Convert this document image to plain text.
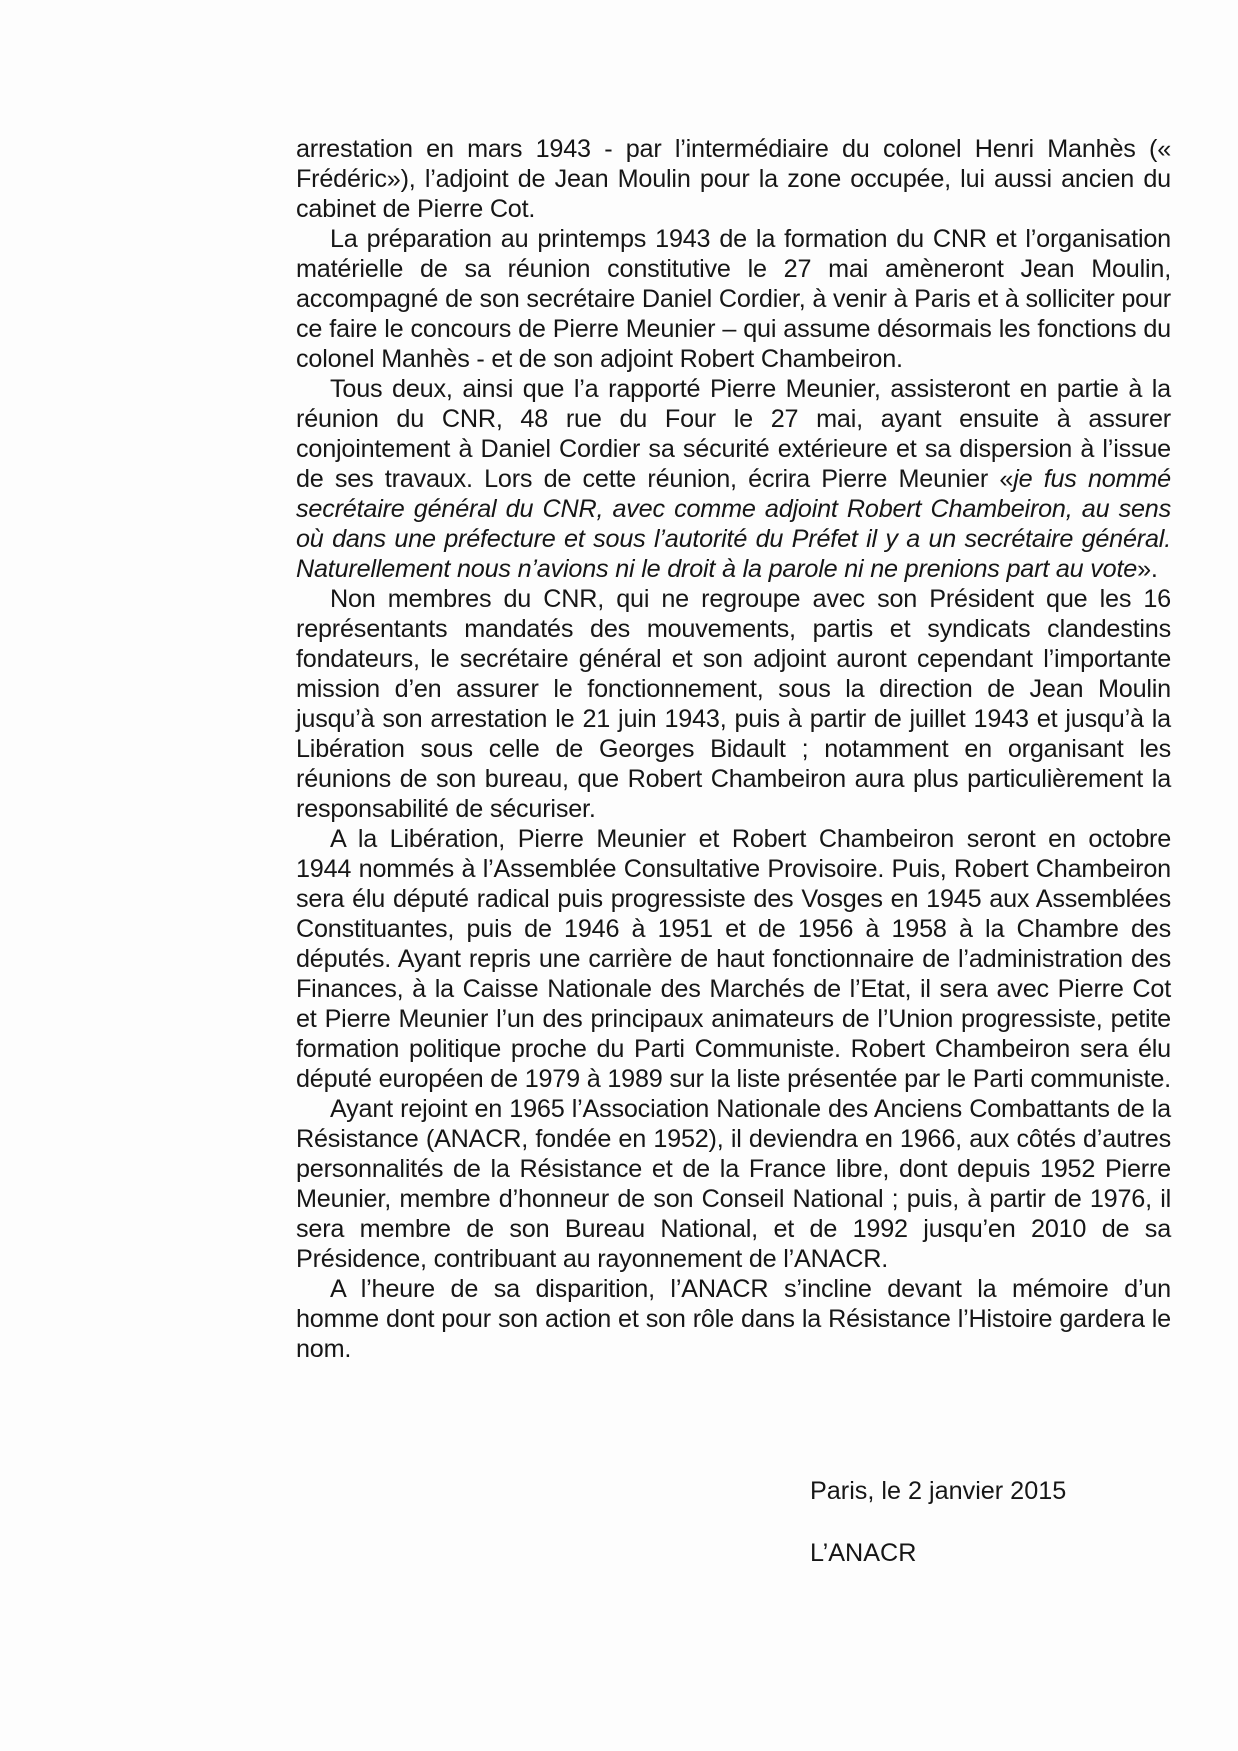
arrestation en mars 1943 - par l’intermédiaire du colonel Henri Manhès (« Frédéric»), l’adjoint de Jean Moulin pour la zone occupée, lui aussi ancien du cabinet de Pierre Cot.

La préparation au printemps 1943 de la formation du CNR et l’organisation matérielle de sa réunion constitutive le 27 mai amèneront Jean Moulin, accompagné de son secrétaire Daniel Cordier, à venir à Paris et à solliciter pour ce faire le concours de Pierre Meunier – qui assume désormais les fonctions du colonel Manhès - et de son adjoint Robert Chambeiron.

Tous deux, ainsi que l’a rapporté Pierre Meunier, assisteront en partie à la réunion du CNR, 48 rue du Four le 27 mai, ayant ensuite à assurer conjointement à Daniel Cordier sa sécurité extérieure et sa dispersion à l’issue de ses travaux. Lors de cette réunion, écrira Pierre Meunier «je fus nommé secrétaire général du CNR, avec comme adjoint Robert Chambeiron, au sens où dans une préfecture et sous l’autorité du Préfet il y a un secrétaire général. Naturellement nous n’avions ni le droit à la parole ni ne prenions part au vote».

Non membres du CNR, qui ne regroupe avec son Président que les 16 représentants mandatés des mouvements, partis et syndicats clandestins fondateurs, le secrétaire général et son adjoint auront cependant l’importante mission d’en assurer le fonctionnement, sous la direction de Jean Moulin jusqu’à son arrestation le 21 juin 1943, puis à partir de juillet 1943 et jusqu’à la Libération sous celle de Georges Bidault ; notamment en organisant les réunions de son bureau, que Robert Chambeiron aura plus particulièrement la responsabilité de sécuriser.

A la Libération, Pierre Meunier et Robert Chambeiron seront en octobre 1944 nommés à l’Assemblée Consultative Provisoire. Puis, Robert Chambeiron sera élu député radical puis progressiste des Vosges en 1945 aux Assemblées Constituantes, puis de 1946 à 1951 et de 1956 à 1958 à la Chambre des députés. Ayant repris une carrière de haut fonctionnaire de l’administration des Finances, à la Caisse Nationale des Marchés de l’Etat, il sera avec Pierre Cot et Pierre Meunier l’un des principaux animateurs de l’Union progressiste, petite formation politique proche du Parti Communiste. Robert Chambeiron sera élu député européen de 1979 à 1989 sur la liste présentée par le Parti communiste.

Ayant rejoint en 1965 l’Association Nationale des Anciens Combattants de la Résistance (ANACR, fondée en 1952), il deviendra en 1966, aux côtés d’autres personnalités de la Résistance et de la France libre, dont depuis 1952 Pierre Meunier, membre d’honneur de son Conseil National ; puis, à partir de 1976, il sera membre de son Bureau National, et de 1992 jusqu’en 2010 de sa Présidence, contribuant au rayonnement de l’ANACR.

A l’heure de sa disparition, l’ANACR s’incline devant la mémoire d’un homme dont pour son action et son rôle dans la Résistance l’Histoire gardera le nom.

Paris, le 2 janvier 2015
L’ANACR
